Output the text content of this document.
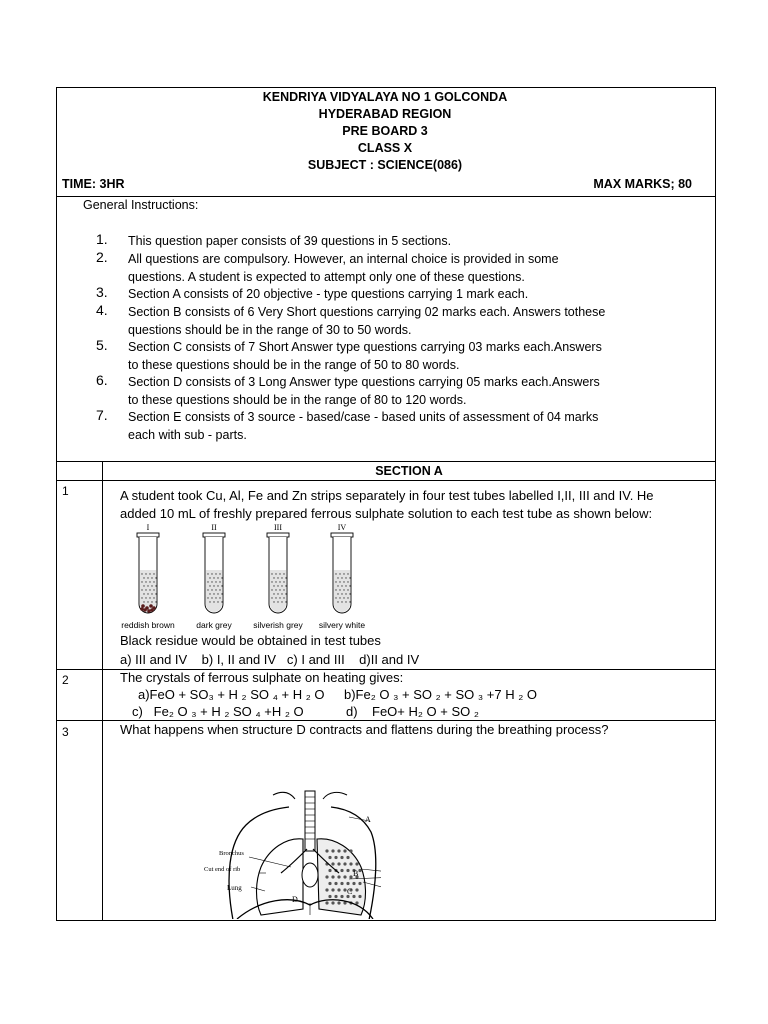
KENDRIYA VIDYALAYA NO 1 GOLCONDA
HYDERABAD REGION
PRE BOARD 3
CLASS X
SUBJECT : SCIENCE(086)
TIME: 3HR	MAX MARKS; 80
General Instructions:
1. This question paper consists of 39 questions in 5 sections.
2. All questions are compulsory. However, an internal choice is provided in some
questions. A student is expected to attempt only one of these questions.
3. Section A consists of 20 objective - type questions carrying 1 mark each.
4. Section B consists of 6 Very Short questions carrying 02 marks each. Answers tothese
questions should be in the range of 30 to 50 words.
5. Section C consists of 7 Short Answer type questions carrying 03 marks each.Answers
to these questions should be in the range of 50 to 80 words.
6. Section D consists of 3 Long Answer type questions carrying 05 marks each.Answers
to these questions should be in the range of 80 to 120 words.
7. Section E consists of 3 source - based/case - based units of assessment of 04 marks
each with sub - parts.
SECTION A
1	A student took Cu, Al, Fe and Zn strips separately in four test tubes labelled I,II, III and IV. He
added 10 mL of freshly prepared ferrous sulphate solution to each test tube as shown below:
I
reddish brown
II
dark grey
III
silverish grey
IV
silvery white
Black residue would be obtained in test tubes
a) III and IV    b) I, II and IV   c) I and III    d)II and IV
2	The crystals of ferrous sulphate on heating gives:
a)FeO + SO₃ + H ₂ SO ₄ + H ₂ O b)Fe₂ O ₃ + SO ₂ + SO ₃ +7 H ₂ O
c)   Fe₂ O ₃ + H ₂ SO ₄ +H ₂ O	d)    FeO+ H₂ O + SO ₂
3	What happens when structure D contracts and flattens during the breathing process?
A
B
C
D
Bronchus
Cut end of rib
Lung
